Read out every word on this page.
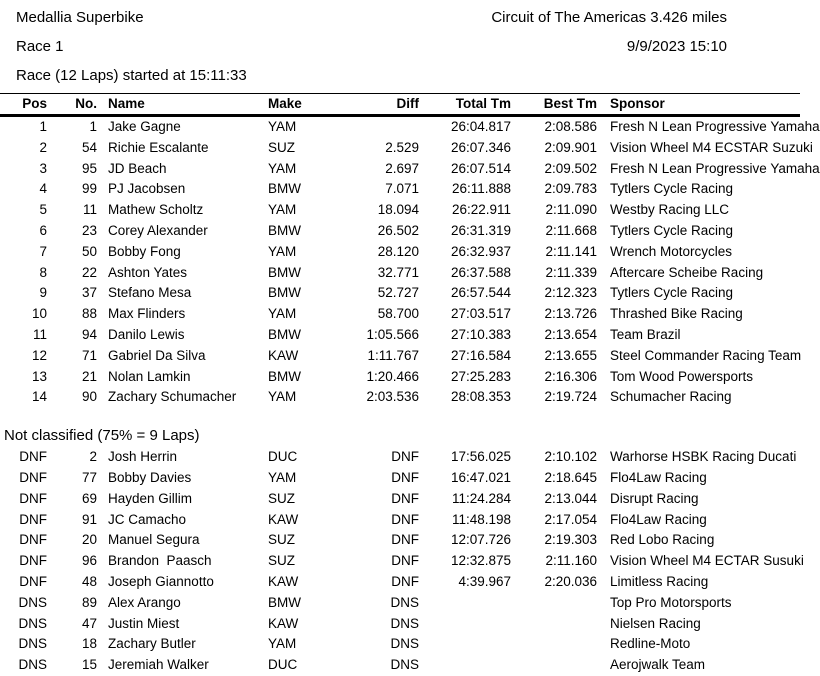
Medallia Superbike	Circuit of The Americas 3.426 miles
Race 1	9/9/2023 15:10
Race (12 Laps) started at 15:11:33
Pos	No.	Name	Make	Diff	Total Tm	Best Tm	Sponsor
1	1	Jake Gagne	YAM		26:04.817	2:08.586	Fresh N Lean Progressive Yamaha
2	54	Richie Escalante	SUZ	2.529	26:07.346	2:09.901	Vision Wheel M4 ECSTAR Suzuki
3	95	JD Beach	YAM	2.697	26:07.514	2:09.502	Fresh N Lean Progressive Yamaha
4	99	PJ Jacobsen	BMW	7.071	26:11.888	2:09.783	Tytlers Cycle Racing
5	11	Mathew Scholtz	YAM	18.094	26:22.911	2:11.090	Westby Racing LLC
6	23	Corey Alexander	BMW	26.502	26:31.319	2:11.668	Tytlers Cycle Racing
7	50	Bobby Fong	YAM	28.120	26:32.937	2:11.141	Wrench Motorcycles
8	22	Ashton Yates	BMW	32.771	26:37.588	2:11.339	Aftercare Scheibe Racing
9	37	Stefano Mesa	BMW	52.727	26:57.544	2:12.323	Tytlers Cycle Racing
10	88	Max Flinders	YAM	58.700	27:03.517	2:13.726	Thrashed Bike Racing
11	94	Danilo Lewis	BMW	1:05.566	27:10.383	2:13.654	Team Brazil
12	71	Gabriel Da Silva	KAW	1:11.767	27:16.584	2:13.655	Steel Commander Racing Team
13	21	Nolan Lamkin	BMW	1:20.466	27:25.283	2:16.306	Tom Wood Powersports
14	90	Zachary Schumacher	YAM	2:03.536	28:08.353	2:19.724	Schumacher Racing
Not classified (75% = 9 Laps)
DNF	2	Josh Herrin	DUC	DNF	17:56.025	2:10.102	Warhorse HSBK Racing Ducati
DNF	77	Bobby Davies	YAM	DNF	16:47.021	2:18.645	Flo4Law Racing
DNF	69	Hayden Gillim	SUZ	DNF	11:24.284	2:13.044	Disrupt Racing
DNF	91	JC Camacho	KAW	DNF	11:48.198	2:17.054	Flo4Law Racing
DNF	20	Manuel Segura	SUZ	DNF	12:07.726	2:19.303	Red Lobo Racing
DNF	96	Brandon  Paasch	SUZ	DNF	12:32.875	2:11.160	Vision Wheel M4 ECTAR Susuki
DNF	48	Joseph Giannotto	KAW	DNF	4:39.967	2:20.036	Limitless Racing
DNS	89	Alex Arango	BMW	DNS			Top Pro Motorsports
DNS	47	Justin Miest	KAW	DNS			Nielsen Racing
DNS	18	Zachary Butler	YAM	DNS			Redline-Moto
DNS	15	Jeremiah Walker	DUC	DNS			Aerojwalk Team
